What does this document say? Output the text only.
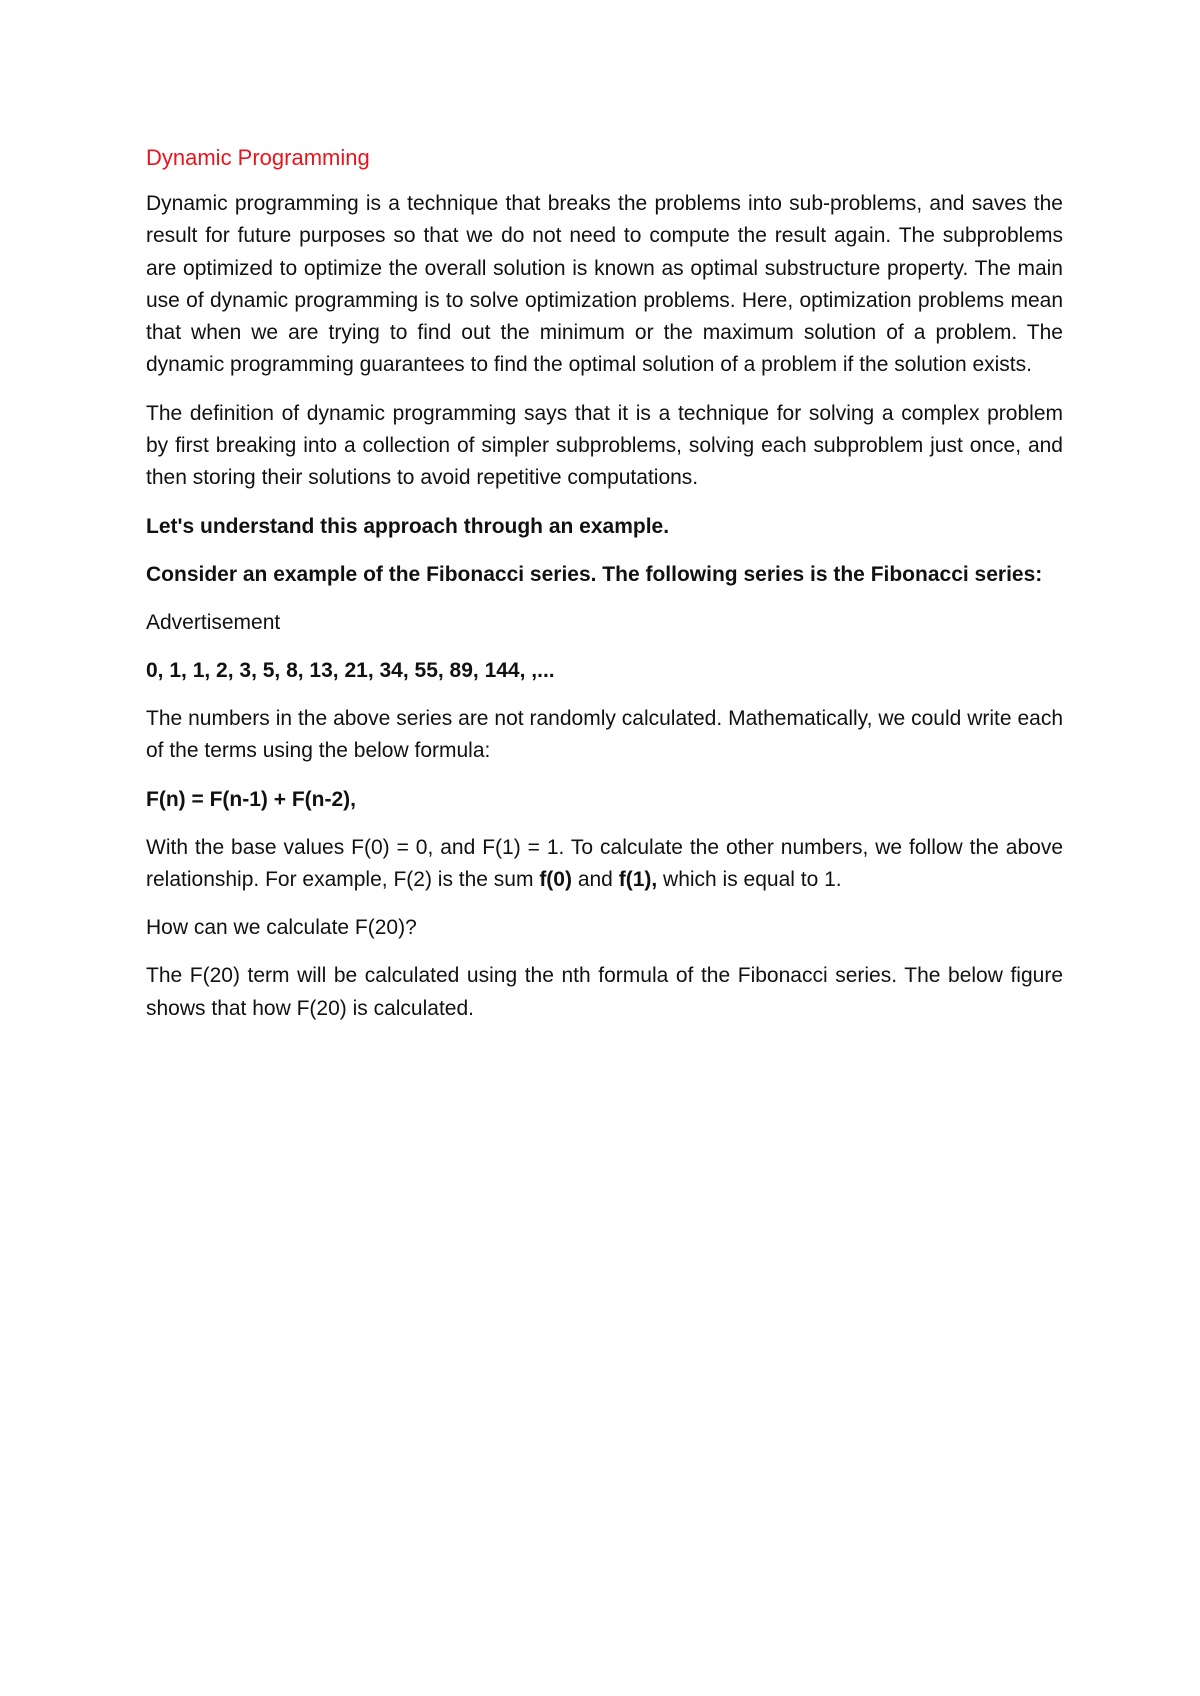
Dynamic Programming

Dynamic programming is a technique that breaks the problems into sub-problems, and saves the result for future purposes so that we do not need to compute the result again. The subproblems are optimized to optimize the overall solution is known as optimal substructure property. The main use of dynamic programming is to solve optimization problems. Here, optimization problems mean that when we are trying to find out the minimum or the maximum solution of a problem. The dynamic programming guarantees to find the optimal solution of a problem if the solution exists.

The definition of dynamic programming says that it is a technique for solving a complex problem by first breaking into a collection of simpler subproblems, solving each subproblem just once, and then storing their solutions to avoid repetitive computations.

Let's understand this approach through an example.

Consider an example of the Fibonacci series. The following series is the Fibonacci series:

Advertisement

0, 1, 1, 2, 3, 5, 8, 13, 21, 34, 55, 89, 144, ,...

The numbers in the above series are not randomly calculated. Mathematically, we could write each of the terms using the below formula:

F(n) = F(n-1) + F(n-2),

With the base values F(0) = 0, and F(1) = 1. To calculate the other numbers, we follow the above relationship. For example, F(2) is the sum f(0) and f(1), which is equal to 1.

How can we calculate F(20)?

The F(20) term will be calculated using the nth formula of the Fibonacci series. The below figure shows that how F(20) is calculated.
